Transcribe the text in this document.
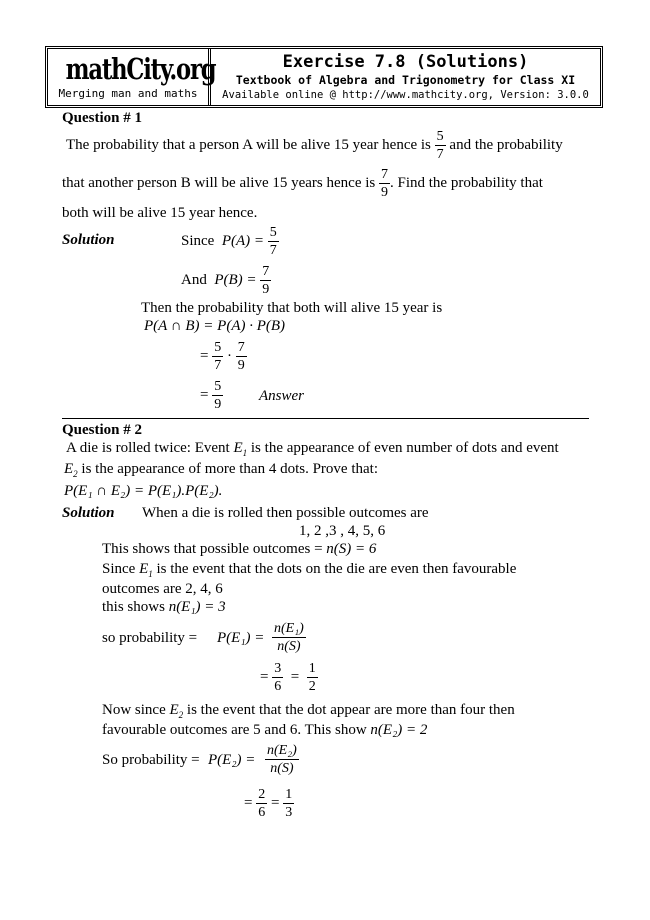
mathCity.org
Merging man and maths
Exercise 7.8 (Solutions)
Textbook of Algebra and Trigonometry for Class XI
Available online @ http://www.mathcity.org, Version: 3.0.0
Question # 1
The probability that a person A will be alive 15 year hence is $\frac{5}{7}$ and the probability
that another person B will be alive 15 years hence is $\frac{7}{9}$ . Find the probability that
both will be alive 15 year hence.
Solution	Since $P(A) = \frac{5}{7}$
And $P(B) = \frac{7}{9}$
Then the probability that both will alive 15 year is
P(A ∩ B) = P(A) · P(B)
= $\frac{5}{7} \cdot \frac{7}{9}$
= $\frac{5}{9}$ Answer
Question # 2
A die is rolled twice: Event $E_1$ is the appearance of even number of dots and event
$E_2$ is the appearance of more than 4 dots. Prove that:
P(E₁ ∩ E₂) = P(E₁).P(E₂).
Solution When a die is rolled then possible outcomes are
1, 2 ,3 , 4, 5, 6
This shows that possible outcomes = n(S) = 6
Since $E_1$ is the event that the dots on the die are even then favourable
outcomes are 2, 4, 6
this shows n(E₁) = 3
so probability = $P(E_1) = \frac{\text{n(E₁)}}{n(S)}$
= $\frac{3}{6} = \frac{1}{2}$
Now since $E_2$ is the event that the dot appear are more than four then
favourable outcomes are 5 and 6. This show n(E₂) = 2
So probability = $P(E_2) = \frac{\text{n(E₂)}}{n(S)}$
= $\frac{2}{6} = \frac{1}{3}$
